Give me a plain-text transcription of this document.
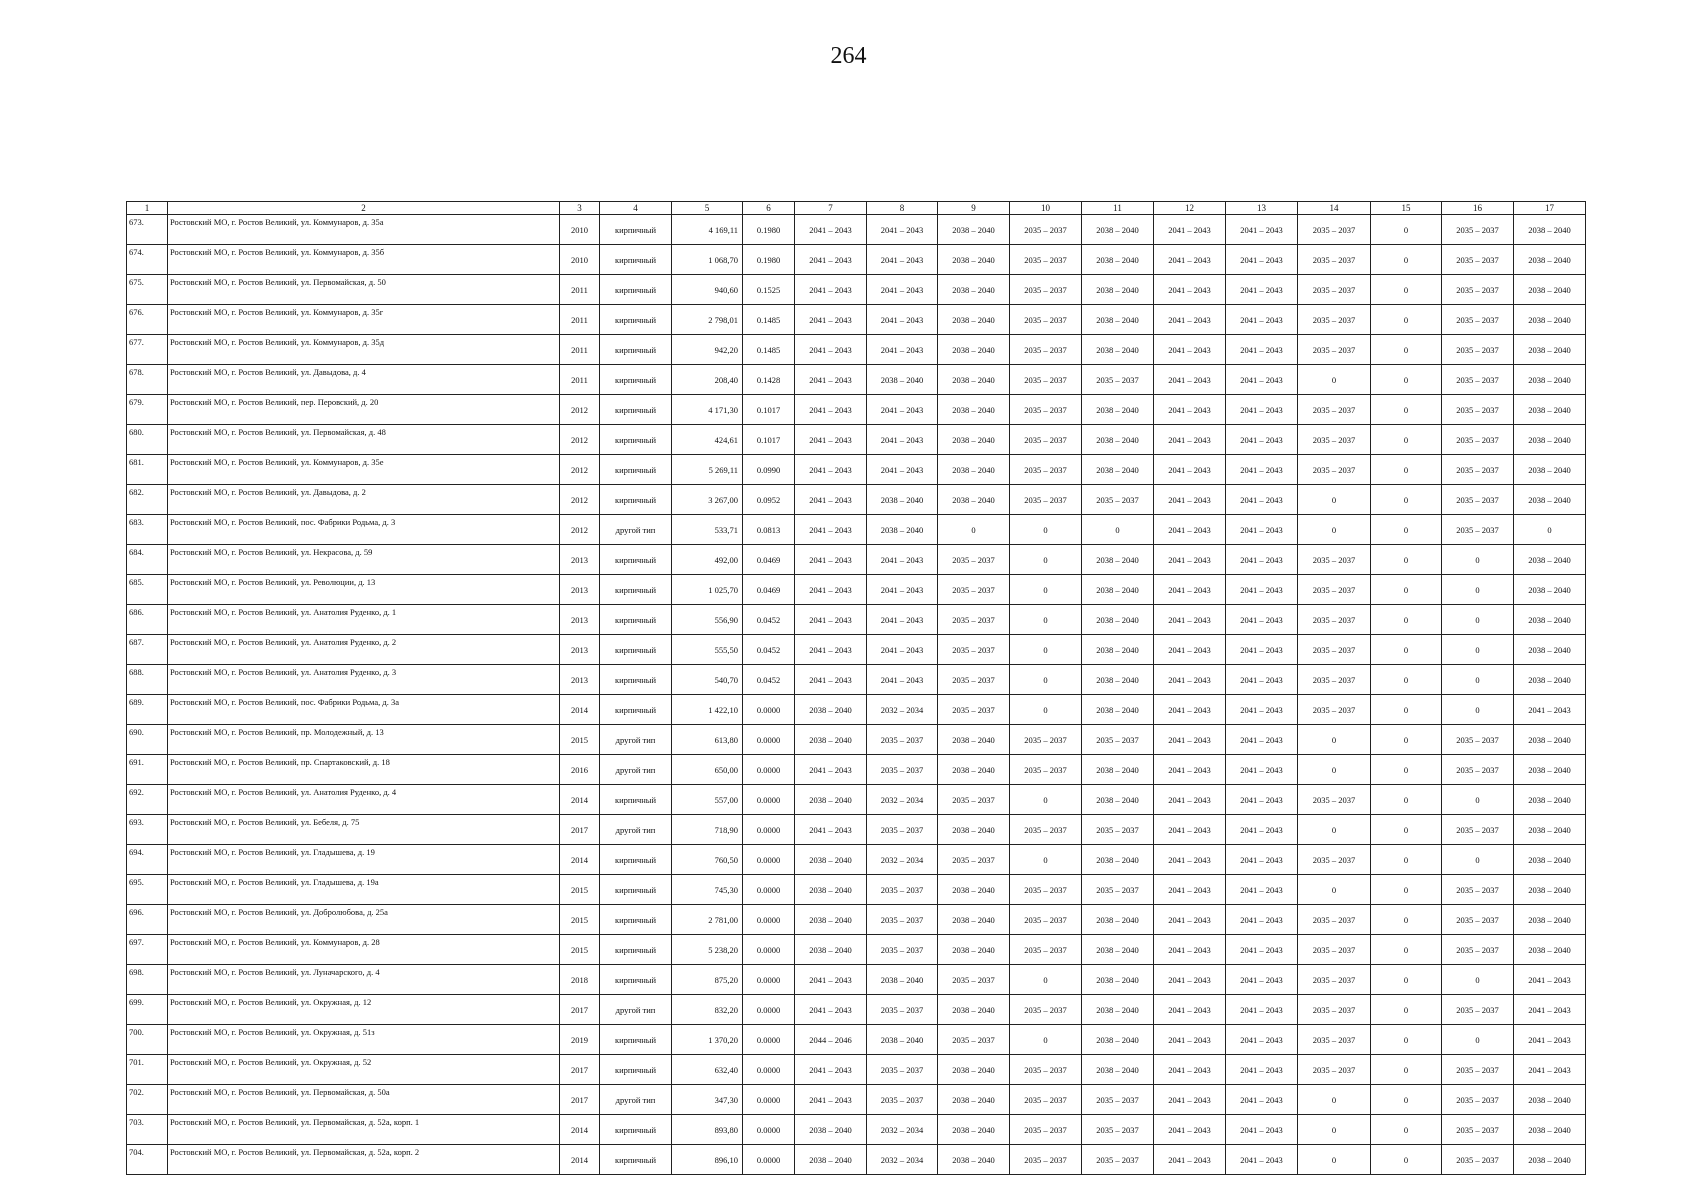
264
1	2	3	4	5	6	7	8	9	10	11	12	13	14	15	16	17
673.	Ростовский МО, г. Ростов Великий, ул. Коммунаров, д. 35а	2010	кирпичный	4 169,11	0.1980	2041 – 2043	2041 – 2043	2038 – 2040	2035 – 2037	2038 – 2040	2041 – 2043	2041 – 2043	2035 – 2037	0	2035 – 2037	2038 – 2040
674.	Ростовский МО, г. Ростов Великий, ул. Коммунаров, д. 35б	2010	кирпичный	1 068,70	0.1980	2041 – 2043	2041 – 2043	2038 – 2040	2035 – 2037	2038 – 2040	2041 – 2043	2041 – 2043	2035 – 2037	0	2035 – 2037	2038 – 2040
675.	Ростовский МО, г. Ростов Великий, ул. Первомайская, д. 50	2011	кирпичный	940,60	0.1525	2041 – 2043	2041 – 2043	2038 – 2040	2035 – 2037	2038 – 2040	2041 – 2043	2041 – 2043	2035 – 2037	0	2035 – 2037	2038 – 2040
676.	Ростовский МО, г. Ростов Великий, ул. Коммунаров, д. 35г	2011	кирпичный	2 798,01	0.1485	2041 – 2043	2041 – 2043	2038 – 2040	2035 – 2037	2038 – 2040	2041 – 2043	2041 – 2043	2035 – 2037	0	2035 – 2037	2038 – 2040
677.	Ростовский МО, г. Ростов Великий, ул. Коммунаров, д. 35д	2011	кирпичный	942,20	0.1485	2041 – 2043	2041 – 2043	2038 – 2040	2035 – 2037	2038 – 2040	2041 – 2043	2041 – 2043	2035 – 2037	0	2035 – 2037	2038 – 2040
678.	Ростовский МО, г. Ростов Великий, ул. Давыдова, д. 4	2011	кирпичный	208,40	0.1428	2041 – 2043	2038 – 2040	2038 – 2040	2035 – 2037	2035 – 2037	2041 – 2043	2041 – 2043	0	0	2035 – 2037	2038 – 2040
679.	Ростовский МО, г. Ростов Великий, пер. Перовский, д. 20	2012	кирпичный	4 171,30	0.1017	2041 – 2043	2041 – 2043	2038 – 2040	2035 – 2037	2038 – 2040	2041 – 2043	2041 – 2043	2035 – 2037	0	2035 – 2037	2038 – 2040
680.	Ростовский МО, г. Ростов Великий, ул. Первомайская, д. 48	2012	кирпичный	424,61	0.1017	2041 – 2043	2041 – 2043	2038 – 2040	2035 – 2037	2038 – 2040	2041 – 2043	2041 – 2043	2035 – 2037	0	2035 – 2037	2038 – 2040
681.	Ростовский МО, г. Ростов Великий, ул. Коммунаров, д. 35е	2012	кирпичный	5 269,11	0.0990	2041 – 2043	2041 – 2043	2038 – 2040	2035 – 2037	2038 – 2040	2041 – 2043	2041 – 2043	2035 – 2037	0	2035 – 2037	2038 – 2040
682.	Ростовский МО, г. Ростов Великий, ул. Давыдова, д. 2	2012	кирпичный	3 267,00	0.0952	2041 – 2043	2038 – 2040	2038 – 2040	2035 – 2037	2035 – 2037	2041 – 2043	2041 – 2043	0	0	2035 – 2037	2038 – 2040
683.	Ростовский МО, г. Ростов Великий, пос. Фабрики Родьма, д. 3	2012	другой тип	533,71	0.0813	2041 – 2043	2038 – 2040	0	0	0	2041 – 2043	2041 – 2043	0	0	2035 – 2037	0
684.	Ростовский МО, г. Ростов Великий, ул. Некрасова, д. 59	2013	кирпичный	492,00	0.0469	2041 – 2043	2041 – 2043	2035 – 2037	0	2038 – 2040	2041 – 2043	2041 – 2043	2035 – 2037	0	0	2038 – 2040
685.	Ростовский МО, г. Ростов Великий, ул. Революции, д. 13	2013	кирпичный	1 025,70	0.0469	2041 – 2043	2041 – 2043	2035 – 2037	0	2038 – 2040	2041 – 2043	2041 – 2043	2035 – 2037	0	0	2038 – 2040
686.	Ростовский МО, г. Ростов Великий, ул. Анатолия Руденко, д. 1	2013	кирпичный	556,90	0.0452	2041 – 2043	2041 – 2043	2035 – 2037	0	2038 – 2040	2041 – 2043	2041 – 2043	2035 – 2037	0	0	2038 – 2040
687.	Ростовский МО, г. Ростов Великий, ул. Анатолия Руденко, д. 2	2013	кирпичный	555,50	0.0452	2041 – 2043	2041 – 2043	2035 – 2037	0	2038 – 2040	2041 – 2043	2041 – 2043	2035 – 2037	0	0	2038 – 2040
688.	Ростовский МО, г. Ростов Великий, ул. Анатолия Руденко, д. 3	2013	кирпичный	540,70	0.0452	2041 – 2043	2041 – 2043	2035 – 2037	0	2038 – 2040	2041 – 2043	2041 – 2043	2035 – 2037	0	0	2038 – 2040
689.	Ростовский МО, г. Ростов Великий, пос. Фабрики Родьма, д. 3а	2014	кирпичный	1 422,10	0.0000	2038 – 2040	2032 – 2034	2035 – 2037	0	2038 – 2040	2041 – 2043	2041 – 2043	2035 – 2037	0	0	2041 – 2043
690.	Ростовский МО, г. Ростов Великий, пр. Молодежный, д. 13	2015	другой тип	613,80	0.0000	2038 – 2040	2035 – 2037	2038 – 2040	2035 – 2037	2035 – 2037	2041 – 2043	2041 – 2043	0	0	2035 – 2037	2038 – 2040
691.	Ростовский МО, г. Ростов Великий, пр. Спартаковский, д. 18	2016	другой тип	650,00	0.0000	2041 – 2043	2035 – 2037	2038 – 2040	2035 – 2037	2038 – 2040	2041 – 2043	2041 – 2043	0	0	2035 – 2037	2038 – 2040
692.	Ростовский МО, г. Ростов Великий, ул. Анатолия Руденко, д. 4	2014	кирпичный	557,00	0.0000	2038 – 2040	2032 – 2034	2035 – 2037	0	2038 – 2040	2041 – 2043	2041 – 2043	2035 – 2037	0	0	2038 – 2040
693.	Ростовский МО, г. Ростов Великий, ул. Бебеля, д. 75	2017	другой тип	718,90	0.0000	2041 – 2043	2035 – 2037	2038 – 2040	2035 – 2037	2035 – 2037	2041 – 2043	2041 – 2043	0	0	2035 – 2037	2038 – 2040
694.	Ростовский МО, г. Ростов Великий, ул. Гладышева, д. 19	2014	кирпичный	760,50	0.0000	2038 – 2040	2032 – 2034	2035 – 2037	0	2038 – 2040	2041 – 2043	2041 – 2043	2035 – 2037	0	0	2038 – 2040
695.	Ростовский МО, г. Ростов Великий, ул. Гладышева, д. 19а	2015	кирпичный	745,30	0.0000	2038 – 2040	2035 – 2037	2038 – 2040	2035 – 2037	2035 – 2037	2041 – 2043	2041 – 2043	0	0	2035 – 2037	2038 – 2040
696.	Ростовский МО, г. Ростов Великий, ул. Добролюбова, д. 25а	2015	кирпичный	2 781,00	0.0000	2038 – 2040	2035 – 2037	2038 – 2040	2035 – 2037	2038 – 2040	2041 – 2043	2041 – 2043	2035 – 2037	0	2035 – 2037	2038 – 2040
697.	Ростовский МО, г. Ростов Великий, ул. Коммунаров, д. 28	2015	кирпичный	5 238,20	0.0000	2038 – 2040	2035 – 2037	2038 – 2040	2035 – 2037	2038 – 2040	2041 – 2043	2041 – 2043	2035 – 2037	0	2035 – 2037	2038 – 2040
698.	Ростовский МО, г. Ростов Великий, ул. Луначарского, д. 4	2018	кирпичный	875,20	0.0000	2041 – 2043	2038 – 2040	2035 – 2037	0	2038 – 2040	2041 – 2043	2041 – 2043	2035 – 2037	0	0	2041 – 2043
699.	Ростовский МО, г. Ростов Великий, ул. Окружная, д. 12	2017	другой тип	832,20	0.0000	2041 – 2043	2035 – 2037	2038 – 2040	2035 – 2037	2038 – 2040	2041 – 2043	2041 – 2043	2035 – 2037	0	2035 – 2037	2041 – 2043
700.	Ростовский МО, г. Ростов Великий, ул. Окружная, д. 51з	2019	кирпичный	1 370,20	0.0000	2044 – 2046	2038 – 2040	2035 – 2037	0	2038 – 2040	2041 – 2043	2041 – 2043	2035 – 2037	0	0	2041 – 2043
701.	Ростовский МО, г. Ростов Великий, ул. Окружная, д. 52	2017	кирпичный	632,40	0.0000	2041 – 2043	2035 – 2037	2038 – 2040	2035 – 2037	2038 – 2040	2041 – 2043	2041 – 2043	2035 – 2037	0	2035 – 2037	2041 – 2043
702.	Ростовский МО, г. Ростов Великий, ул. Первомайская, д. 50а	2017	другой тип	347,30	0.0000	2041 – 2043	2035 – 2037	2038 – 2040	2035 – 2037	2035 – 2037	2041 – 2043	2041 – 2043	0	0	2035 – 2037	2038 – 2040
703.	Ростовский МО, г. Ростов Великий, ул. Первомайская, д. 52а, корп. 1	2014	кирпичный	893,80	0.0000	2038 – 2040	2032 – 2034	2038 – 2040	2035 – 2037	2035 – 2037	2041 – 2043	2041 – 2043	0	0	2035 – 2037	2038 – 2040
704.	Ростовский МО, г. Ростов Великий, ул. Первомайская, д. 52а, корп. 2	2014	кирпичный	896,10	0.0000	2038 – 2040	2032 – 2034	2038 – 2040	2035 – 2037	2035 – 2037	2041 – 2043	2041 – 2043	0	0	2035 – 2037	2038 – 2040
